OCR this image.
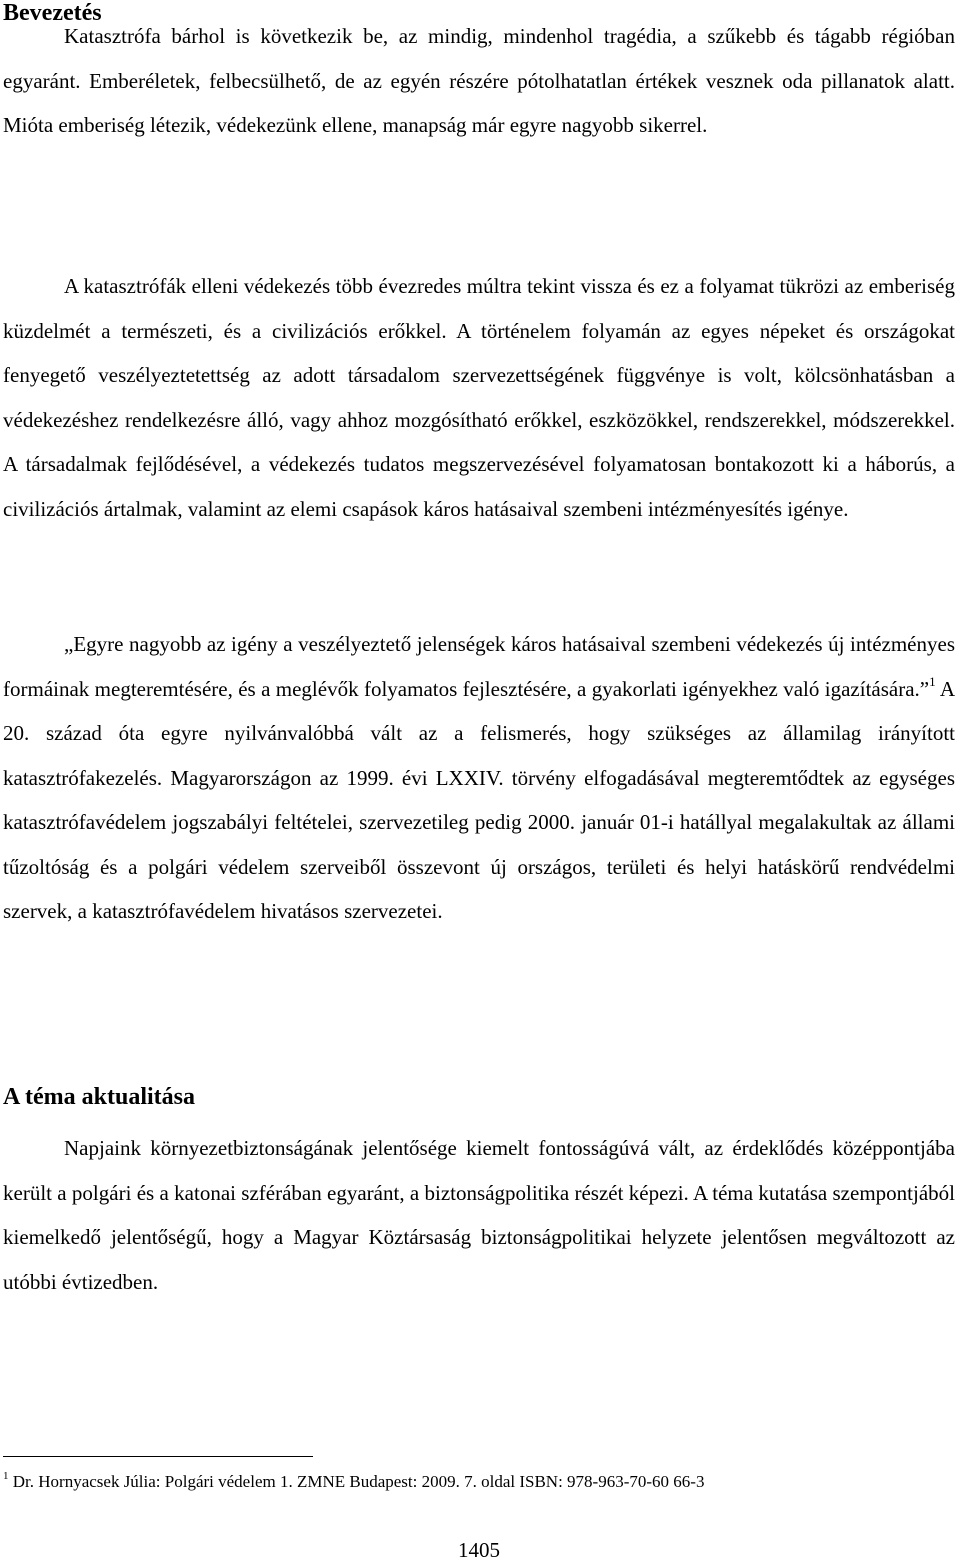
Bevezetés

Katasztrófa bárhol is következik be, az mindig, mindenhol tragédia, a szűkebb és tágabb régióban egyaránt. Emberéletek, felbecsülhető, de az egyén részére pótolhatatlan értékek vesznek oda pillanatok alatt. Mióta emberiség létezik, védekezünk ellene, manapság már egyre nagyobb sikerrel.

A katasztrófák elleni védekezés több évezredes múltra tekint vissza és ez a folyamat tükrözi az emberiség küzdelmét a természeti, és a civilizációs erőkkel. A történelem folyamán az egyes népeket és országokat fenyegető veszélyeztetettség az adott társadalom szervezettségének függvénye is volt, kölcsönhatásban a védekezéshez rendelkezésre álló, vagy ahhoz mozgósítható erőkkel, eszközökkel, rendszerekkel, módszerekkel. A társadalmak fejlődésével, a védekezés tudatos megszervezésével folyamatosan bontakozott ki a háborús, a civilizációs ártalmak, valamint az elemi csapások káros hatásaival szembeni intézményesítés igénye.

„Egyre nagyobb az igény a veszélyeztető jelenségek káros hatásaival szembeni védekezés új intézményes formáinak megteremtésére, és a meglévők folyamatos fejlesztésére, a gyakorlati igényekhez való igazítására.”$^1$ A 20. század óta egyre nyilvánvalóbbá vált az a felismerés, hogy szükséges az államilag irányított katasztrófakezelés. Magyarországon az 1999. évi LXXIV. törvény elfogadásával megteremtődtek az egységes katasztrófavédelem jogszabályi feltételei, szervezetileg pedig 2000. január 01-i hatállyal megalakultak az állami tűzoltóság és a polgári védelem szerveiből összevont új országos, területi és helyi hatáskörű rendvédelmi szervek, a katasztrófavédelem hivatásos szervezetei.

A téma aktualitása

Napjaink környezetbiztonságának jelentősége kiemelt fontosságúvá vált, az érdeklődés középpontjába került a polgári és a katonai szférában egyaránt, a biztonságpolitika részét képezi. A téma kutatása szempontjából kiemelkedő jelentőségű, hogy a Magyar Köztársaság biztonságpolitikai helyzete jelentősen megváltozott az utóbbi évtizedben.

$^1$ Dr. Hornyacsek Júlia: Polgári védelem 1. ZMNE Budapest: 2009. 7. oldal ISBN: 978-963-70-60 66-3
1405
